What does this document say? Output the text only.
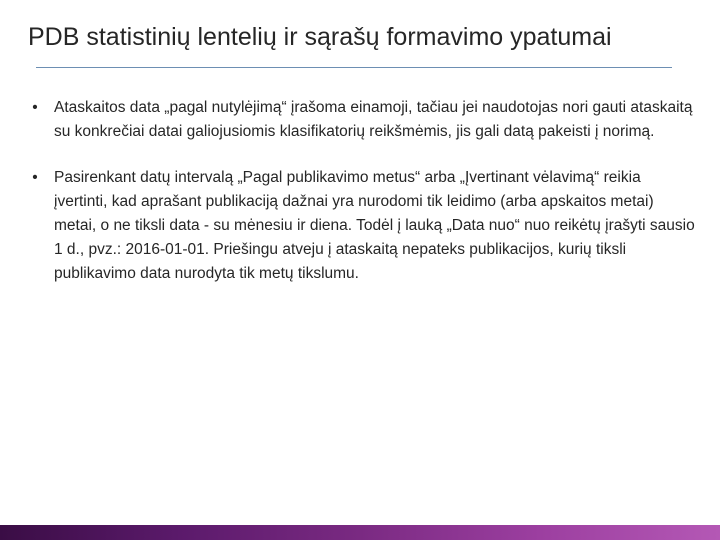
PDB statistinių lentelių ir sąrašų formavimo ypatumai
• Ataskaitos data „pagal nutylėjimą“ įrašoma einamoji, tačiau jei naudotojas nori gauti ataskaitą su konkrečiai datai galiojusiomis klasifikatorių reikšmėmis, jis gali datą pakeisti į norimą.
• Pasirenkant datų intervalą „Pagal publikavimo metus“ arba „Įvertinant vėlavimą“ reikia įvertinti, kad aprašant publikaciją dažnai yra nurodomi tik leidimo (arba apskaitos metai) metai, o ne tiksli data - su mėnesiu ir diena. Todėl į lauką „Data nuo“ nuo reikėtų įrašyti sausio 1 d., pvz.: 2016-01-01. Priešingu atveju į ataskaitą nepateks publikacijos, kurių tiksli publikavimo data nurodyta tik metų tikslumu.
